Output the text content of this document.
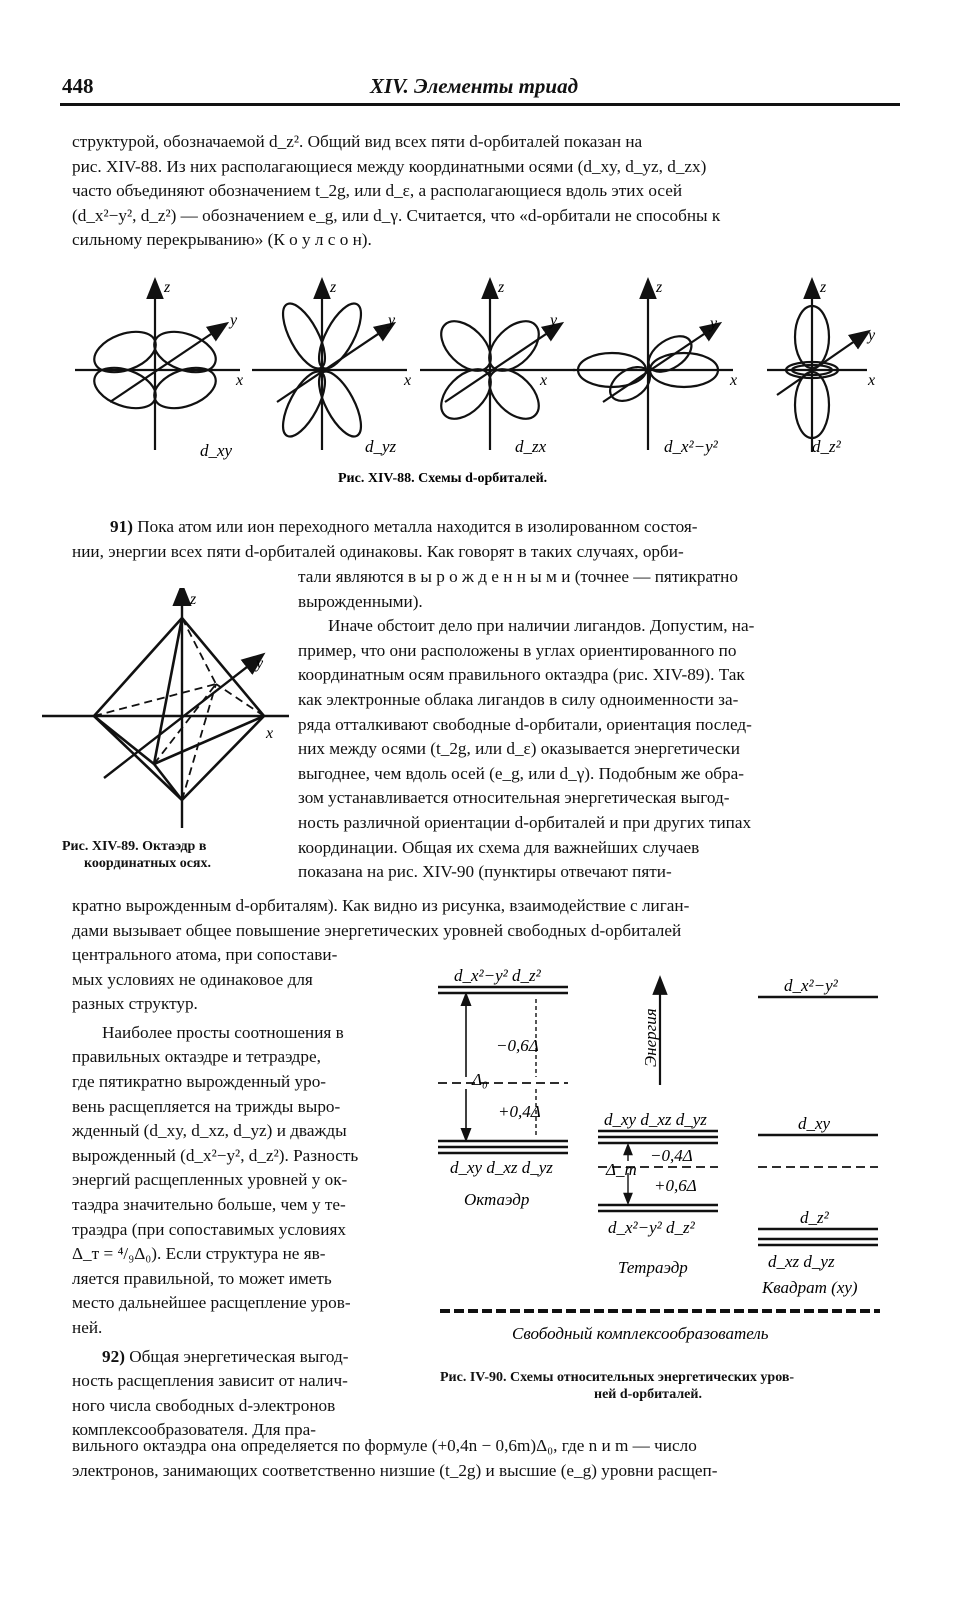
448	XIV. Элементы триад
структурой, обозначаемой d_z². Общий вид всех пяти d-орбиталей показан на
рис. XIV-88. Из них располагающиеся между координатными осями (d_xy, d_yz, d_zx)
часто объединяют обозначением t_2g, или d_ε, а располагающиеся вдоль этих осей
(d_x²−y², d_z²) — обозначением e_g, или d_γ. Считается, что «d-орбитали не способны к
сильному перекрыванию» (К о у л с о н).
z
y
x
z
y
x
z
y
x
z
y
x
z
y
x
d_xy	d_yz	d_zx	d_x²−y²	d_z²
Рис. XIV-88. Схемы d-орбиталей.
91) Пока атом или ион переходного металла находится в изолированном состоя-
нии, энергии всех пяти d-орбиталей одинаковы. Как говорят в таких случаях, орби-
тали являются в ы р о ж д е н н ы м и (точнее — пятикратно
вырожденными).
Иначе обстоит дело при наличии лигандов. Допустим, на-
пример, что они расположены в углах ориентированного по
координатным осям правильного октаэдра (рис. XIV-89). Так
как электронные облака лигандов в силу одноименности за-
ряда отталкивают свободные d-орбитали, ориентация послед-
них между осями (t_2g, или d_ε) оказывается энергетически
выгоднее, чем вдоль осей (e_g, или d_γ). Подобным же обра-
зом устанавливается относительная энергетическая выгод-
ность различной ориентации d-орбиталей и при других типах
координации. Общая их схема для важнейших случаев
показана на рис. XIV-90 (пунктиры отвечают пяти-
z
y
x
Рис. XIV-89. Октаэдр в
координатных осях.
кратно вырожденным d-орбиталям). Как видно из рисунка, взаимодействие с лиган-
дами вызывает общее повышение энергетических уровней свободных d-орбиталей
центрального атома, при сопостави-
мых условиях не одинаковое для
разных структур.
Наиболее просты соотношения в
правильных октаэдре и тетраэдре,
где пятикратно вырожденный уро-
вень расщепляется на трижды выро-
жденный (d_xy, d_xz, d_yz) и дважды
вырожденный (d_x²−y², d_z²). Разность
энергий расщепленных уровней у ок-
таэдра значительно больше, чем у те-
траэдра (при сопоставимых условиях
Δ_т = ⁴/₉Δ₀). Если структура не яв-
ляется правильной, то может иметь
место дальнейшее расщепление уров-
ней.
92) Общая энергетическая выгод-
ность расщепления зависит от налич-
ного числа свободных d-электронов
комплексообразователя. Для пра-
d_x²−y² d_z²
−0,6Δ
Δ₀
+0,4Δ
d_xy d_xz d_yz
Октаэдр
Энергия
d_xy d_xz d_yz
−0,4Δ
Δ_т
+0,6Δ
d_x²−y² d_z²
Тетраэдр
d_x²−y²
d_xy
d_z²
d_xz d_yz
Квадрат (xy)
Свободный комплексообразователь
Рис. IV-90. Схемы относительных энергетических уров-
ней d-орбиталей.
вильного октаэдра она определяется по формуле (+0,4n − 0,6m)Δ₀, где n и m — число
электронов, занимающих соответственно низшие (t_2g) и высшие (e_g) уровни расщеп-
